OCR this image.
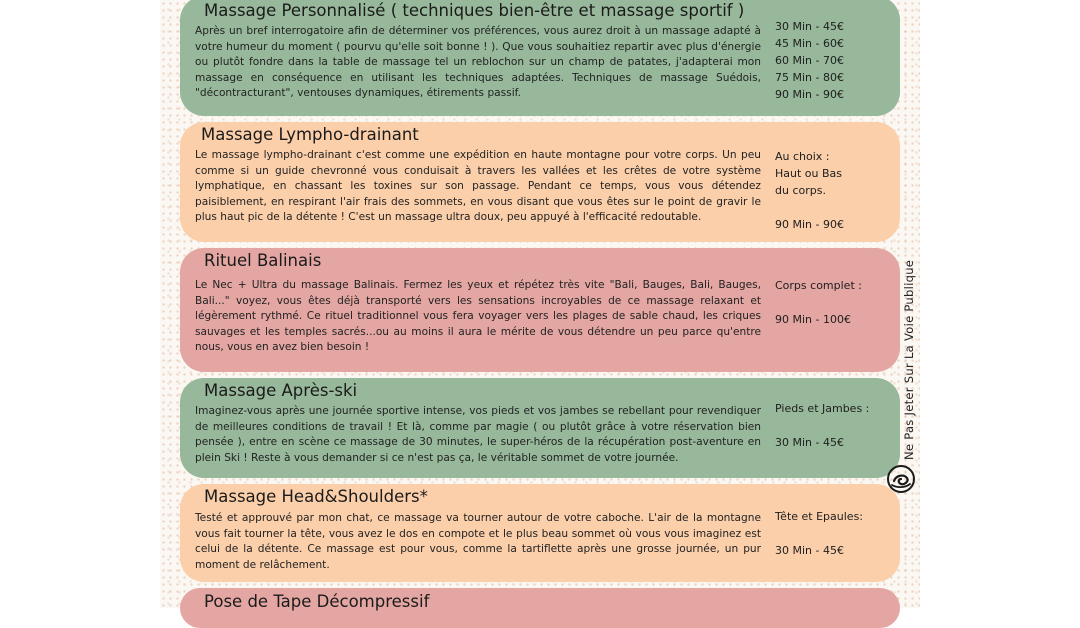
Massage Personnalisé ( techniques bien-être et massage sportif )

Après un bref interrogatoire afin de déterminer vos préférences, vous aurez droit à un massage adapté à votre humeur du moment ( pourvu qu'elle soit bonne ! ). Que vous souhaitiez repartir avec plus d'énergie ou plutôt fondre dans la table de massage tel un reblochon sur un champ de patates, j'adapterai mon massage en conséquence en utilisant les techniques adaptées. Techniques de massage Suédois, "décontracturant", ventouses dynamiques, étirements passif.

30 Min - 45€
45 Min - 60€
60 Min - 70€
75 Min - 80€
90 Min - 90€
Massage Lympho-drainant

Le massage lympho-drainant c'est comme une expédition en haute montagne pour votre corps. Un peu comme si un guide chevronné vous conduisait à travers les vallées et les crêtes de votre système lymphatique, en chassant les toxines sur son passage. Pendant ce temps, vous vous détendez paisiblement, en respirant l'air frais des sommets, en vous disant que vous êtes sur le point de gravir le plus haut pic de la détente ! C'est un massage ultra doux, peu appuyé à l'efficacité redoutable.

Au choix :
Haut ou Bas
du corps.
90 Min - 90€
Rituel Balinais

Le Nec + Ultra du massage Balinais. Fermez les yeux et répétez très vite "Bali, Bauges, Bali, Bauges, Bali..." voyez, vous êtes déjà transporté vers les sensations incroyables de ce massage relaxant et légèrement rythmé. Ce rituel traditionnel vous fera voyager vers les plages de sable chaud, les criques sauvages et les temples sacrés...ou au moins il aura le mérite de vous détendre un peu parce qu'entre nous, vous en avez bien besoin !

Corps complet :
90 Min - 100€
Massage Après-ski

Imaginez-vous après une journée sportive intense, vos pieds et vos jambes se rebellant pour revendiquer de meilleures conditions de travail ! Et là, comme par magie ( ou plutôt grâce à votre réservation bien pensée ), entre en scène ce massage de 30 minutes, le super-héros de la récupération post-aventure en plein Ski ! Reste à vous demander si ce n'est pas ça, le véritable sommet de votre journée.

Pieds et Jambes :
30 Min - 45€
Massage Head&Shoulders*

Testé et approuvé par mon chat, ce massage va tourner autour de votre caboche. L'air de la montagne vous fait tourner la tête, vous avez le dos en compote et le plus beau sommet où vous vous imaginez est celui de la détente. Ce massage est pour vous, comme la tartiflette après une grosse journée, un pur moment de relâchement.

Tête et Epaules:
30 Min - 45€
Pose de Tape Décompressif
Ne Pas Jeter Sur La Voie Publique
